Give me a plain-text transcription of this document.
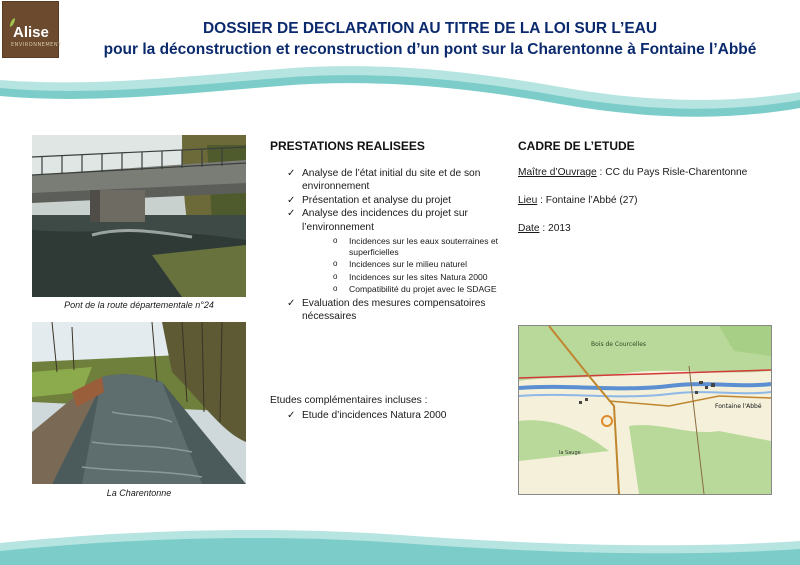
Alise
ENVIRONNEMENT
DOSSIER DE DECLARATION AU TITRE DE LA LOI SUR L’EAU
pour la déconstruction et reconstruction d’un pont sur la Charentonne à Fontaine l’Abbé
Pont de la route départementale n°24
La Charentonne
PRESTATIONS REALISEES
✓ Analyse de l’état initial du site et de son environnement
✓ Présentation et analyse du projet
✓ Analyse des incidences du projet sur l’environnement
o Incidences sur les eaux souterraines et superficielles
o Incidences sur le milieu naturel
o Incidences sur les sites Natura 2000
o Compatibilité du projet avec le SDAGE
✓ Evaluation des mesures compensatoires nécessaires
Etudes complémentaires incluses :
✓ Etude d’incidences Natura 2000
CADRE DE L’ETUDE
Maître d’Ouvrage : CC du Pays Risle-Charentonne
Lieu : Fontaine l’Abbé (27)
Date : 2013
Bois de Courcelles
Fontaine l'Abbé
la Sauge
